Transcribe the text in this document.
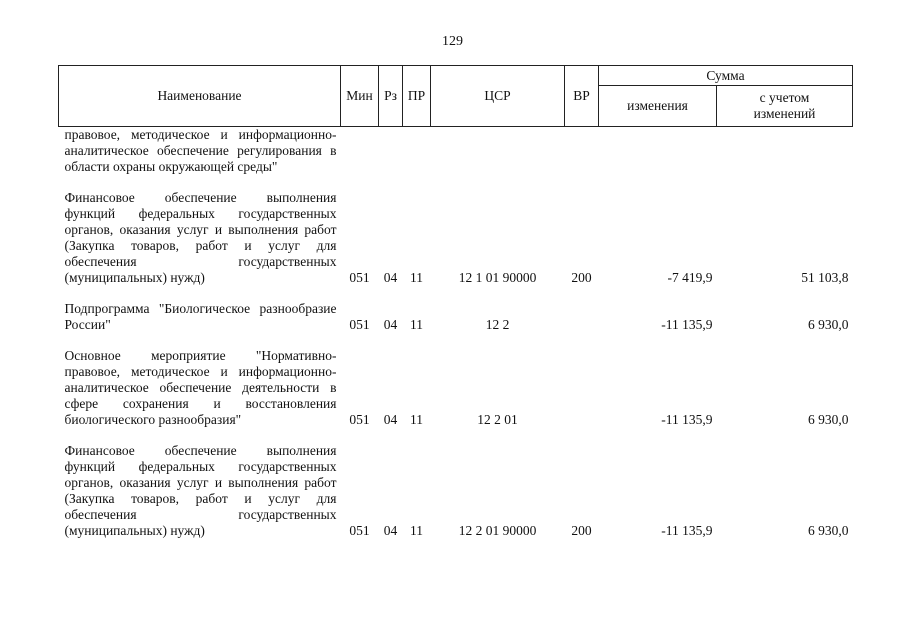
129
Наименование	Мин	Рз	ПР	ЦСР	ВР	Сумма	
						изменения	с учетом
изменений
правовое, методическое и информационно-аналитическое обеспечение регулирования в области охраны окружающей среды"							

Финансовое обеспечение выполнения функций федеральных государственных органов, оказания услуг и выполнения работ (Закупка товаров, работ и услуг для обеспечения государственных (муниципальных) нужд)	051	04	11	12 1 01 90000	200	-7 419,9	51 103,8

Подпрограмма "Биологическое разнообразие России"	051	04	11	12 2		-11 135,9	6 930,0

Основное мероприятие "Нормативно-правовое, методическое и информационно-аналитическое обеспечение деятельности в сфере сохранения и восстановления биологического разнообразия"	051	04	11	12 2 01		-11 135,9	6 930,0

Финансовое обеспечение выполнения функций федеральных государственных органов, оказания услуг и выполнения работ (Закупка товаров, работ и услуг для обеспечения государственных (муниципальных) нужд)	051	04	11	12 2 01 90000	200	-11 135,9	6 930,0
